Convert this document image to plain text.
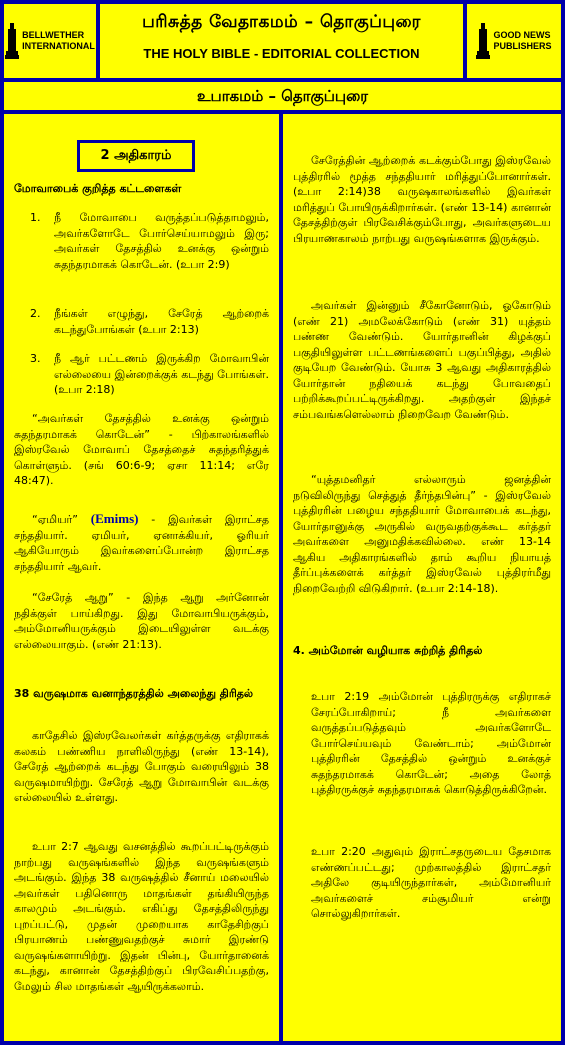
BELLWETHER
INTERNATIONAL
பரிசுத்த வேதாகமம் – தொகுப்புரை
THE HOLY BIBLE - EDITORIAL COLLECTION
GOOD NEWS
PUBLISHERS
உபாகமம் – தொகுப்புரை
2 அதிகாரம்
மோவாபைக் குறித்த கட்டளைகள்
1. நீ மோவாபை வருத்தப்படுத்தாமலும், அவர்களோடே போர்செய்யாமலும் இரு; அவர்கள் தேசத்தில் உனக்கு ஒன்றும் சுதந்தரமாகக் கொடேன். (உபா 2:9)
2. நீங்கள் எழுந்து, சேரேத் ஆற்றைக் கடந்துபோங்கள் (உபா 2:13)
3. நீ ஆர் பட்டணம் இருக்கிற மோவாபின் எல்லையை இன்றைக்குக் கடந்து போங்கள். (உபா 2:18)
“அவர்கள் தேசத்தில் உனக்கு ஒன்றும் சுதந்தரமாகக் கொடேன்” - பிற்காலங்களில் இஸ்ரவேல் மோவாப் தேசத்தைச் சுதந்தரித்துக் கொள்ளும். (சங் 60:6-9; ஏசா 11:14; எரே 48:47).
“ஏமியர்” (Emims) - இவர்கள் இராட்சத சந்ததியார். ஏமியர், ஏனாக்கியர், ஓரியர் ஆகியோரும் இவர்களைப்போன்ற இராட்சத சந்ததியார் ஆவர்.
“சேரேத் ஆறு” - இந்த ஆறு அர்னோன் நதிக்குள் பாய்கிறது. இது மோவாபியருக்கும், அம்மோனியருக்கும் இடையிலுள்ள வடக்கு எல்லையாகும். (எண் 21:13).
38 வருஷமாக வனாந்தரத்தில் அலைந்து திரிதல்
காதேசில் இஸ்ரவேலர்கள் கர்த்தருக்கு எதிராகக் கலகம் பண்ணிய நாளிலிருந்து (எண் 13-14), சேரேத் ஆற்றைக் கடந்து போகும் வரையிலும் 38 வருஷமாயிற்று. சேரேத் ஆறு மோவாபின் வடக்கு எல்லையில் உள்ளது.
உபா 2:7 ஆவது வசனத்தில் கூறப்பட்டிருக்கும் நாற்பது வருஷங்களில் இந்த வருஷங்களும் அடங்கும். இந்த 38 வருஷத்தில் சீனாய் மலையில் அவர்கள் பதினொரு மாதங்கள் தங்கியிருந்த காலமும் அடங்கும். எகிப்து தேசத்திலிருந்து புறப்பட்டு, முதன் முறையாக காதேசிற்குப் பிரயாணம் பண்ணுவதற்குச் சுமார் இரண்டு வருஷங்களாயிற்று. இதன் பின்பு, யோர்தானைக் கடந்து, கானான் தேசத்திற்குப் பிரவேசிப்பதற்கு, மேலும் சில மாதங்கள் ஆயிருக்கலாம்.
சேரேத்தின் ஆற்றைக் கடக்கும்போது இஸ்ரவேல் புத்திரரில் மூத்த சந்ததியார் மரித்துப்போனார்கள். (உபா 2:14)38 வருஷகாலங்களில் இவர்கள் மரித்துப் போயிருக்கிறார்கள். (எண் 13-14) கானான் தேசத்திற்குள் பிரவேசிக்கும்போது, அவர்களுடைய பிரயாணகாலம் நாற்பது வருஷங்களாக இருக்கும்.
அவர்கள் இன்னும் சீகோனோடும், ஓகோடும் (எண் 21) அமலேக்கோடும் (எண் 31) யுத்தம் பண்ண வேண்டும். யோர்தானின் கிழக்குப் பகுதியிலுள்ள பட்டணங்களைப் பகுப்பித்து, அதில் குடியேற வேண்டும். யோசு 3 ஆவது அதிகாரத்தில் யோர்தான் நதியைக் கடந்து போவதைப் பற்றிக்கூறப்பட்டிருக்கிறது. அதற்குள் இந்தச் சம்பவங்களெல்லாம் நிறைவேற வேண்டும்.
“யுத்தமனிதர் எல்லாரும் ஜனத்தின் நடுவிலிருந்து செத்துத் தீர்ந்தபின்பு” - இஸ்ரவேல் புத்திரரின் பழைய சந்ததியார் மோவாபைக் கடந்து, யோர்தானுக்கு அருகில் வருவதற்குக்கூட கர்த்தர் அவர்களை அனுமதிக்கவில்லை. எண் 13-14 ஆகிய அதிகாரங்களில் தாம் கூறிய நியாயத் தீர்ப்புக்களைக் கர்த்தர் இஸ்ரவேல் புத்திரர்மீது நிறைவேற்றி விடுகிறார். (உபா 2:14-18).
4. அம்மோன் வழியாக சுற்றித் திரிதல்
உபா 2:19 அம்மோன் புத்திரருக்கு எதிராகச் சேரப்போகிறாய்; நீ அவர்களை வருத்தப்படுத்தவும் அவர்களோடே போர்செய்யவும் வேண்டாம்; அம்மோன் புத்திரரின் தேசத்தில் ஒன்றும் உனக்குச் சுதந்தரமாகக் கொடேன்; அதை லோத் புத்திரருக்குச் சுதந்தரமாகக் கொடுத்திருக்கிறேன்.
உபா 2:20 அதுவும் இராட்சதருடைய தேசமாக எண்ணப்பட்டது; முற்காலத்தில் இராட்சதர் அதிலே குடியிருந்தார்கள், அம்மோனியர் அவர்களைச் சம்சூமியர் என்று சொல்லுகிறார்கள்.
